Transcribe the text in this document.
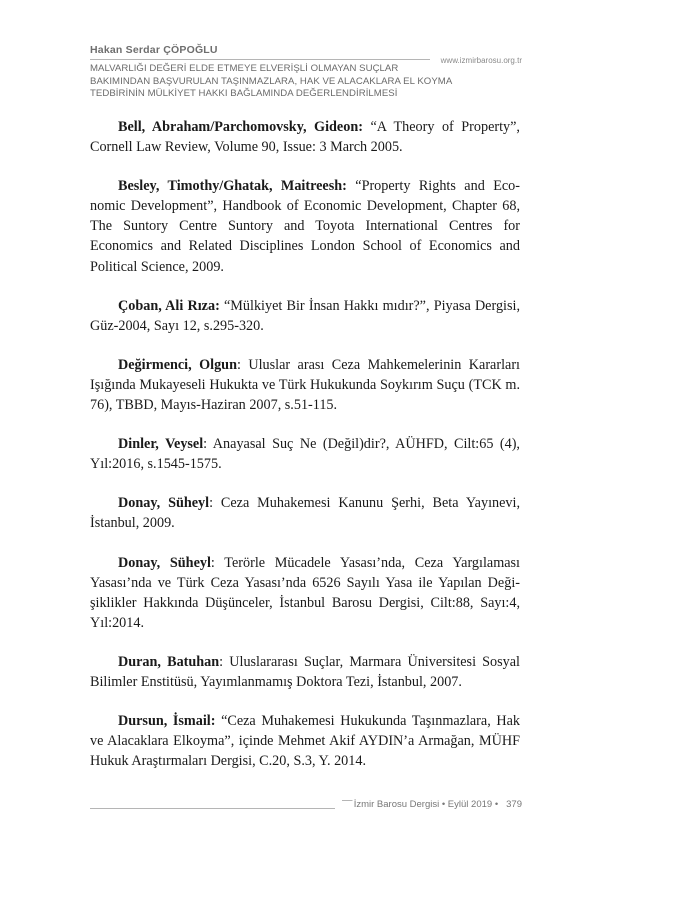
Hakan Serdar ÇÖPOĞLU
www.izmirbarosu.org.tr
MALVARLIĞI DEĞERİ ELDE ETMEYE ELVERİŞLİ OLMAYAN SUÇLAR
BAKIMINDAN BAŞVURULAN TAŞINMAZLARA, HAK VE ALACAKLARA EL KOYMA
TEDBİRİNİN MÜLKİYET HAKKI BAĞLAMINDA DEĞERLENDİRİLMESİ

Bell, Abraham/Parchomovsky, Gideon: “A Theory of Property”, Cornell Law Review, Volume 90, Issue: 3 March 2005.

Besley, Timothy/Ghatak, Maitreesh: “Property Rights and Economic Development”, Handbook of Economic Development, Chapter 68, The Suntory Centre Suntory and Toyota International Centres for Economics and Related Disciplines London School of Economics and Political Science, 2009.

Çoban, Ali Rıza: “Mülkiyet Bir İnsan Hakkı mıdır?”, Piyasa Dergisi, Güz-2004, Sayı 12, s.295-320.

Değirmenci, Olgun: Uluslar arası Ceza Mahkemelerinin Kararları Işığında Mukayeseli Hukukta ve Türk Hukukunda Soykırım Suçu (TCK m. 76), TBBD, Mayıs-Haziran 2007, s.51-115.

Dinler, Veysel: Anayasal Suç Ne (Değil)dir?, AÜHFD, Cilt:65 (4), Yıl:2016, s.1545-1575.

Donay, Süheyl: Ceza Muhakemesi Kanunu Şerhi, Beta Yayınevi, İstanbul, 2009.

Donay, Süheyl: Terörle Mücadele Yasası’nda, Ceza Yargılaması Yasası’nda ve Türk Ceza Yasası’nda 6526 Sayılı Yasa ile Yapılan Değişiklikler Hakkında Düşünceler, İstanbul Barosu Dergisi, Cilt:88, Sayı:4, Yıl:2014.

Duran, Batuhan: Uluslararası Suçlar, Marmara Üniversitesi Sosyal Bilimler Enstitüsü, Yayımlanmamış Doktora Tezi, İstanbul, 2007.

Dursun, İsmail: “Ceza Muhakemesi Hukukunda Taşınmazlara, Hak ve Alacaklara Elkoyma”, içinde Mehmet Akif AYDIN’a Armağan, MÜHF Hukuk Araştırmaları Dergisi, C.20, S.3, Y. 2014.

İzmir Barosu Dergisi • Eylül 2019 • 379
